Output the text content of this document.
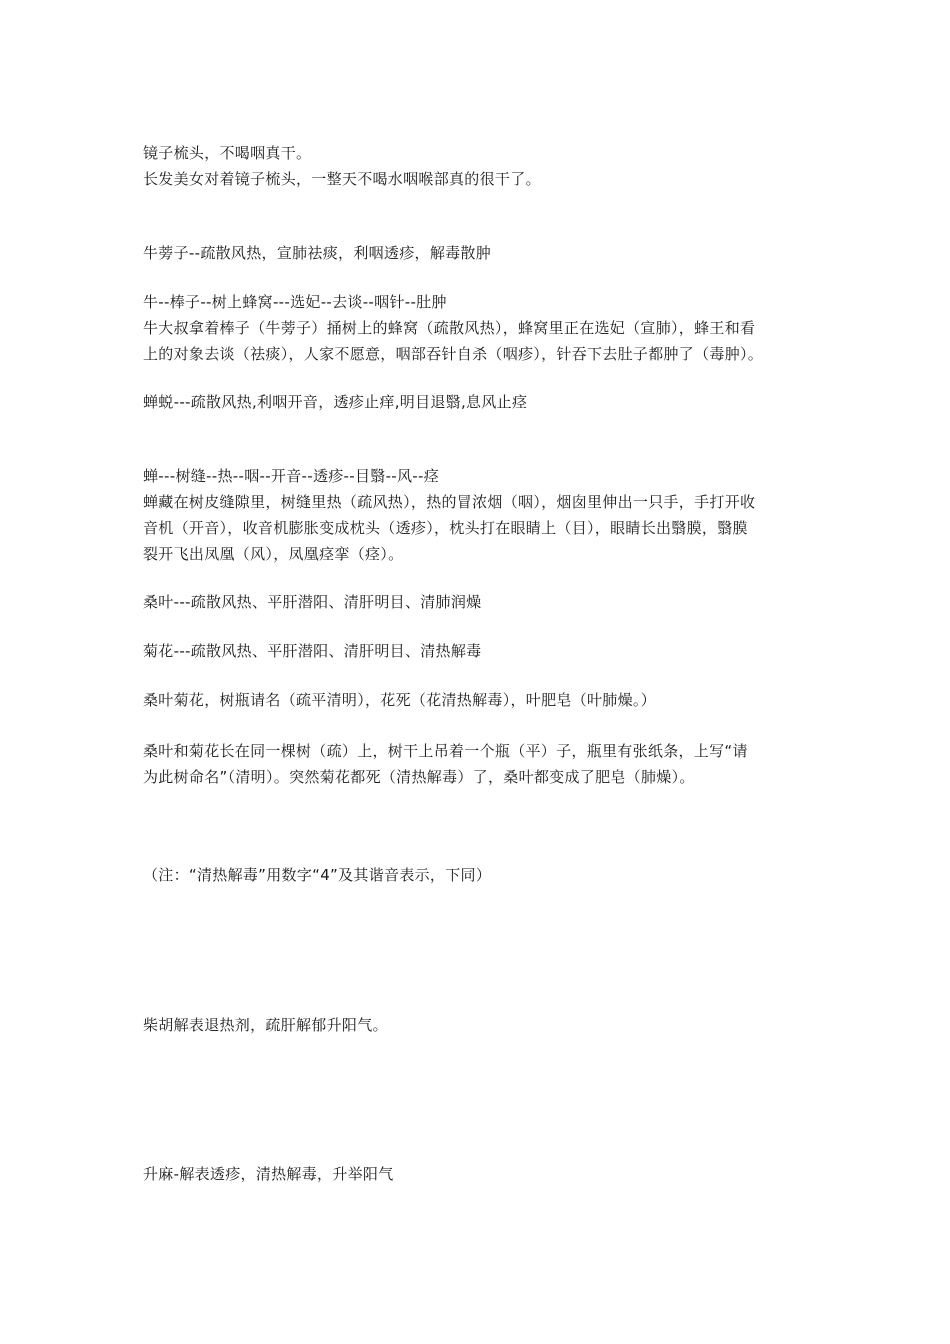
镜子梳头，不喝咽真干。
长发美女对着镜子梳头，一整天不喝水咽喉部真的很干了。
牛蒡子--疏散风热，宣肺祛痰，利咽透疹，解毒散肿
牛--棒子--树上蜂窝---选妃--去谈--咽针--肚肿
牛大叔拿着棒子（牛蒡子）捅树上的蜂窝（疏散风热），蜂窝里正在选妃（宣肺），蜂王和看
上的对象去谈（祛痰），人家不愿意，咽部吞针自杀（咽疹），针吞下去肚子都肿了（毒肿）。
蝉蜕---疏散风热,利咽开音，透疹止痒,明目退翳,息风止痉
蝉---树缝--热--咽--开音--透疹--目翳--风--痉
蝉藏在树皮缝隙里，树缝里热（疏风热），热的冒浓烟（咽），烟囱里伸出一只手，手打开收
音机（开音），收音机膨胀变成枕头（透疹），枕头打在眼睛上（目），眼睛长出翳膜，翳膜
裂开飞出凤凰（风），凤凰痉挛（痉）。
桑叶---疏散风热、平肝潜阳、清肝明目、清肺润燥
菊花---疏散风热、平肝潜阳、清肝明目、清热解毒
桑叶菊花，树瓶请名（疏平清明），花死（花清热解毒），叶肥皂（叶肺燥。）
桑叶和菊花长在同一棵树（疏）上，树干上吊着一个瓶（平）子，瓶里有张纸条，上写“请
为此树命名”（清明）。突然菊花都死（清热解毒）了，桑叶都变成了肥皂（肺燥）。
（注：“清热解毒”用数字“4”及其谐音表示，下同）
柴胡解表退热剂，疏肝解郁升阳气。
升麻-解表透疹，清热解毒，升举阳气
